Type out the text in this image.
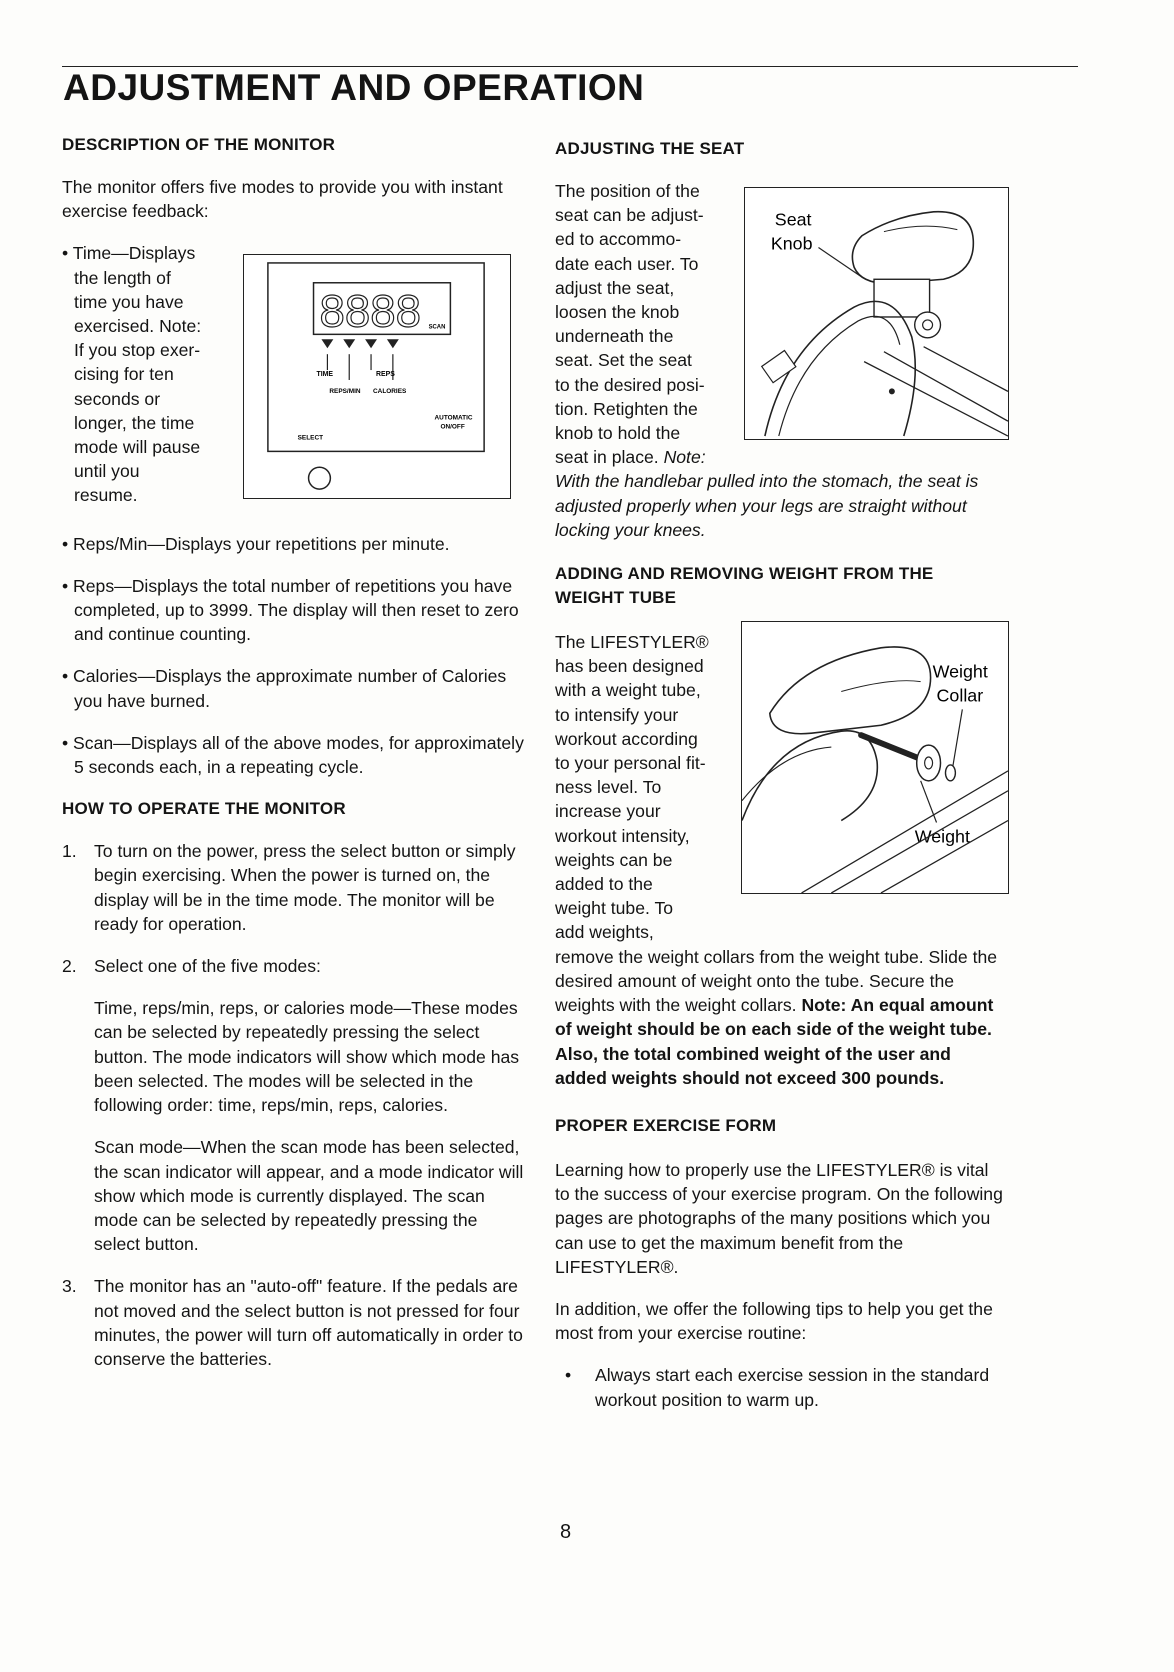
ADJUSTMENT AND OPERATION

DESCRIPTION OF THE MONITOR

The monitor offers five modes to provide you with instant exercise feedback:

• Time—Displays
the length of
time you have
exercised. Note:
If you stop exer-
cising for ten
seconds or
longer, the time
mode will pause
until you
resume.

• Reps/Min—Displays your repetitions per minute.

• Reps—Displays the total number of repetitions you have completed, up to 3999. The display will then reset to zero and continue counting.

• Calories—Displays the approximate number of Calories you have burned.

• Scan—Displays all of the above modes, for approximately 5 seconds each, in a repeating cycle.

HOW TO OPERATE THE MONITOR

1. To turn on the power, press the select button or simply begin exercising. When the power is turned on, the display will be in the time mode. The monitor will be ready for operation.
2. Select one of the five modes:

Time, reps/min, reps, or calories mode—These modes can be selected by repeatedly pressing the select button. The mode indicators will show which mode has been selected. The modes will be selected in the following order: time, reps/min, reps, calories.

Scan mode—When the scan mode has been selected, the scan indicator will appear, and a mode indicator will show which mode is currently displayed. The scan mode can be selected by repeatedly pressing the select button.

3. The monitor has an "auto-off" feature. If the pedals are not moved and the select button is not pressed for four minutes, the power will turn off automatically in order to conserve the batteries.
8888 SCAN
TIME	REPS
REPS/MIN CALORIES
AUTOMATIC
ON/OFF
SELECT

ADJUSTING THE SEAT

The position of the
seat can be adjust-
ed to accommo-
date each user. To
adjust the seat,
loosen the knob
underneath the
seat. Set the seat
to the desired posi-
tion. Retighten the
knob to hold the
seat in place. Note:

With the handlebar pulled into the stomach, the seat is adjusted properly when your legs are straight without locking your knees.

ADDING AND REMOVING WEIGHT FROM THE WEIGHT TUBE

The LIFESTYLER®
has been designed
with a weight tube,
to intensify your
workout according
to your personal fit-
ness level. To
increase your
workout intensity,
weights can be
added to the
weight tube. To
add weights,

remove the weight collars from the weight tube. Slide the desired amount of weight onto the tube. Secure the weights with the weight collars. Note: An equal amount of weight should be on each side of the weight tube. Also, the total combined weight of the user and added weights should not exceed 300 pounds.

PROPER EXERCISE FORM

Learning how to properly use the LIFESTYLER® is vital to the success of your exercise program. On the following pages are photographs of the many positions which you can use to get the maximum benefit from the LIFESTYLER®.

In addition, we offer the following tips to help you get the most from your exercise routine:

• Always start each exercise session in the standard workout position to warm up.
Seat
Knob
Weight
Collar
Weight
8
